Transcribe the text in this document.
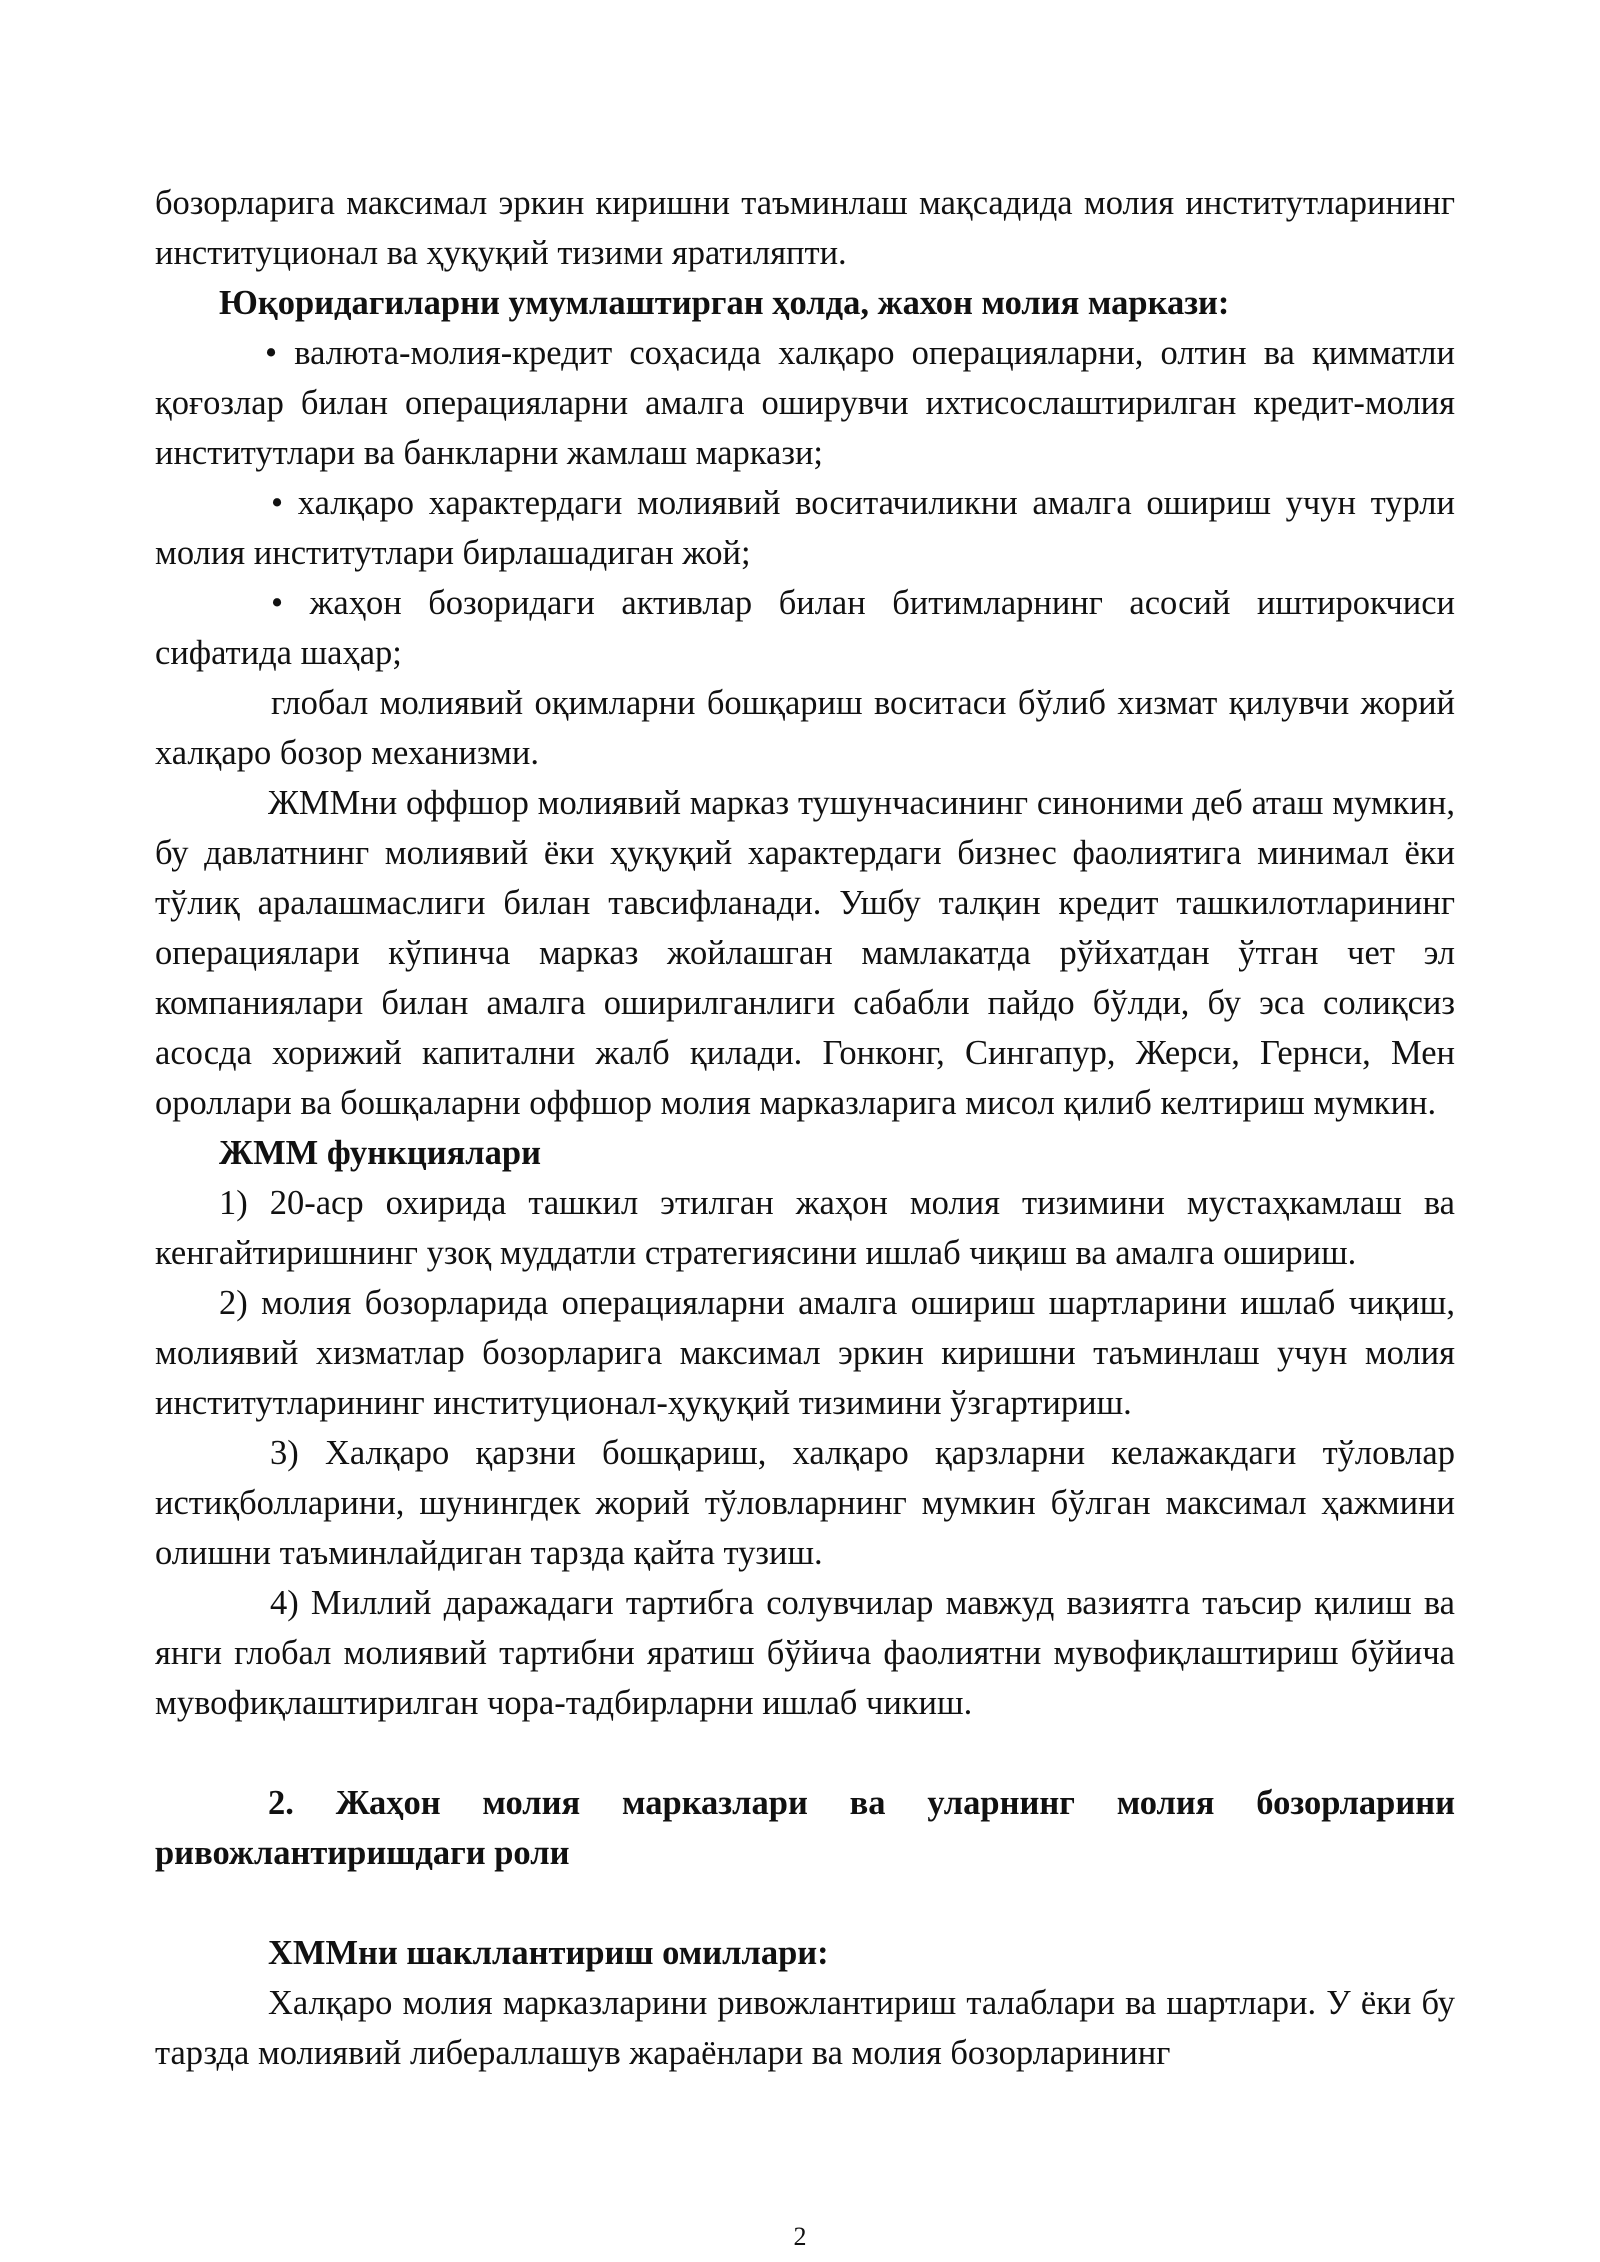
бозорларига максимал эркин киришни таъминлаш мақсадида молия институтларининг институционал ва ҳуқуқий тизими яратиляпти.

Юқоридагиларни умумлаштирган ҳолда, жахон молия маркази:

• валюта-молия-кредит соҳасида халқаро операцияларни, олтин ва қимматли қоғозлар билан операцияларни амалга оширувчи ихтисослаштирилган кредит-молия институтлари ва банкларни жамлаш маркази;

• халқаро характердаги молиявий воситачиликни амалга ошириш учун турли молия институтлари бирлашадиган жой;

• жаҳон бозоридаги активлар билан битимларнинг асосий иштирокчиси сифатида шаҳар;

глобал молиявий оқимларни бошқариш воситаси бўлиб хизмат қилувчи жорий халқаро бозор механизми.

ЖММни оффшор молиявий марказ тушунчасининг синоними деб аташ мумкин, бу давлатнинг молиявий ёки ҳуқуқий характердаги бизнес фаолиятига минимал ёки тўлиқ аралашмаслиги билан тавсифланади. Ушбу талқин кредит ташкилотларининг операциялари кўпинча марказ жойлашган мамлакатда рўйхатдан ўтган чет эл компаниялари билан амалга оширилганлиги сабабли пайдо бўлди, бу эса солиқсиз асосда хорижий капитални жалб қилади. Гонконг, Сингапур, Жерси, Гернси, Мен ороллари ва бошқаларни оффшор молия марказларига мисол қилиб келтириш мумкин.

ЖММ функциялари

1) 20-аср охирида ташкил этилган жаҳон молия тизимини мустаҳкамлаш ва кенгайтиришнинг узоқ муддатли стратегиясини ишлаб чиқиш ва амалга ошириш.

2) молия бозорларида операцияларни амалга ошириш шартларини ишлаб чиқиш, молиявий хизматлар бозорларига максимал эркин киришни таъминлаш учун молия институтларининг институционал-ҳуқуқий тизимини ўзгартириш.

3) Халқаро қарзни бошқариш, халқаро қарзларни келажакдаги тўловлар истиқболларини, шунингдек жорий тўловларнинг мумкин бўлган максимал ҳажмини олишни таъминлайдиган тарзда қайта тузиш.

4) Миллий даражадаги тартибга солувчилар мавжуд вазиятга таъсир қилиш ва янги глобал молиявий тартибни яратиш бўйича фаолиятни мувофиқлаштириш бўйича мувофиқлаштирилган чора-тадбирларни ишлаб чикиш.

2. Жаҳон молия марказлари ва уларнинг молия бозорларини ривожлантиришдаги роли

ХММни шакллантириш омиллари:

Халқаро молия марказларини ривожлантириш талаблари ва шартлари. У ёки бу тарзда молиявий либераллашув жараёнлари ва молия бозорларининг

2
